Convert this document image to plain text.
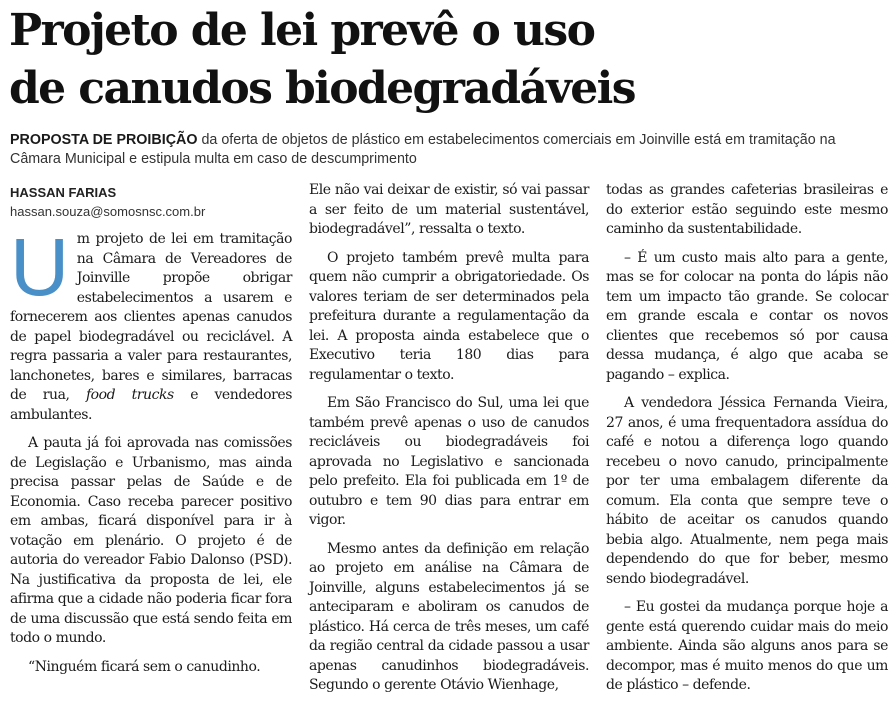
Projeto de lei prevê o uso
de canudos biodegradáveis

PROPOSTA DE PROIBIÇÃO da oferta de objetos de plástico em estabelecimentos comerciais em Joinville está em tramitação na Câmara Municipal e estipula multa em caso de descumprimento

HASSAN FARIAS
hassan.souza@somosnsc.com.br

Um projeto de lei em tramitação na Câmara de Vereadores de Joinville propõe obrigar estabelecimentos a usarem e fornecerem aos clientes apenas canudos de papel biodegradável ou reciclável. A regra passaria a valer para restaurantes, lanchonetes, bares e similares, barracas de rua, food trucks e vendedores ambulantes.

A pauta já foi aprovada nas comissões de Legislação e Urbanismo, mas ainda precisa passar pelas de Saúde e de Economia. Caso receba parecer positivo em ambas, ficará disponível para ir à votação em plenário. O projeto é de autoria do vereador Fabio Dalonso (PSD). Na justificativa da proposta de lei, ele afirma que a cidade não poderia ficar fora de uma discussão que está sendo feita em todo o mundo.

“Ninguém ficará sem o canudinho.

Ele não vai deixar de existir, só vai passar a ser feito de um material sustentável, biodegradável”, ressalta o texto.

O projeto também prevê multa para quem não cumprir a obrigatoriedade. Os valores teriam de ser determinados pela prefeitura durante a regulamentação da lei. A proposta ainda estabelece que o Executivo teria 180 dias para regulamentar o texto.

Em São Francisco do Sul, uma lei que também prevê apenas o uso de canudos recicláveis ou biodegradáveis foi aprovada no Legislativo e sancionada pelo prefeito. Ela foi publicada em 1º de outubro e tem 90 dias para entrar em vigor.

Mesmo antes da definição em relação ao projeto em análise na Câmara de Joinville, alguns estabelecimentos já se anteciparam e aboliram os canudos de plástico. Há cerca de três meses, um café da região central da cidade passou a usar apenas canudinhos biodegradáveis. Segundo o gerente Otávio Wienhage,

todas as grandes cafeterias brasileiras e do exterior estão seguindo este mesmo caminho da sustentabilidade.

– É um custo mais alto para a gente, mas se for colocar na ponta do lápis não tem um impacto tão grande. Se colocar em grande escala e contar os novos clientes que recebemos só por causa dessa mudança, é algo que acaba se pagando – explica.

A vendedora Jéssica Fernanda Vieira, 27 anos, é uma frequentadora assídua do café e notou a diferença logo quando recebeu o novo canudo, principalmente por ter uma embalagem diferente da comum. Ela conta que sempre teve o hábito de aceitar os canudos quando bebia algo. Atualmente, nem pega mais dependendo do que for beber, mesmo sendo biodegradável.

– Eu gostei da mudança porque hoje a gente está querendo cuidar mais do meio ambiente. Ainda são alguns anos para se decompor, mas é muito menos do que um de plástico – defende.
